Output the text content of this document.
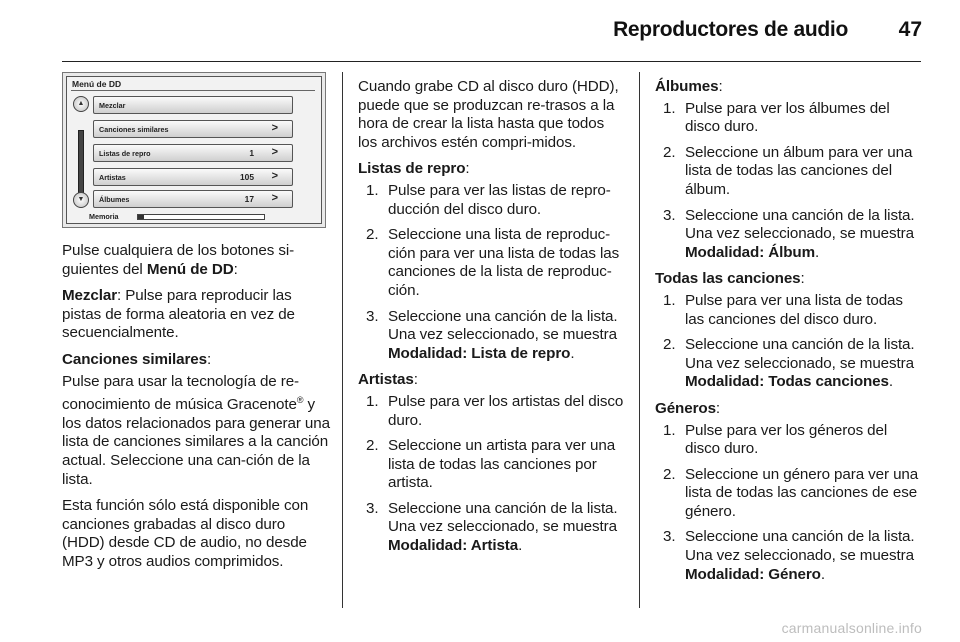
Reproductores de audio 47
Menú de DD
▲
▼
Mezclar
Canciones similares	>
Listas de repro	1 >
Artistas	105 >
Álbumes	17 >
Memoria

Pulse cualquiera de los botones si-guientes del Menú de DD:

Mezclar: Pulse para reproducir las pistas de forma aleatoria en vez de secuencialmente.

Canciones similares:

Pulse para usar la tecnología de re-conocimiento de música Gracenote® y los datos relacionados para generar una lista de canciones similares a la canción actual. Seleccione una can-ción de la lista.

Esta función sólo está disponible con canciones grabadas al disco duro (HDD) desde CD de audio, no desde MP3 y otros audios comprimidos.

Cuando grabe CD al disco duro (HDD), puede que se produzcan re-trasos a la hora de crear la lista hasta que todos los archivos estén compri-midos.

Listas de repro:

1. Pulse para ver las listas de repro-ducción del disco duro.
2. Seleccione una lista de reproduc-ción para ver una lista de todas las canciones de la lista de reproduc-ción.
3. Seleccione una canción de la lista. Una vez seleccionado, se muestra Modalidad: Lista de repro.

Artistas:

1. Pulse para ver los artistas del disco duro.
2. Seleccione un artista para ver una lista de todas las canciones por artista.
3. Seleccione una canción de la lista. Una vez seleccionado, se muestra Modalidad: Artista.

Álbumes:

1. Pulse para ver los álbumes del disco duro.
2. Seleccione un álbum para ver una lista de todas las canciones del álbum.
3. Seleccione una canción de la lista. Una vez seleccionado, se muestra Modalidad: Álbum.

Todas las canciones:

1. Pulse para ver una lista de todas las canciones del disco duro.
2. Seleccione una canción de la lista. Una vez seleccionado, se muestra Modalidad: Todas canciones.

Géneros:

1. Pulse para ver los géneros del disco duro.
2. Seleccione un género para ver una lista de todas las canciones de ese género.
3. Seleccione una canción de la lista. Una vez seleccionado, se muestra Modalidad: Género.
carmanualsonline.info
